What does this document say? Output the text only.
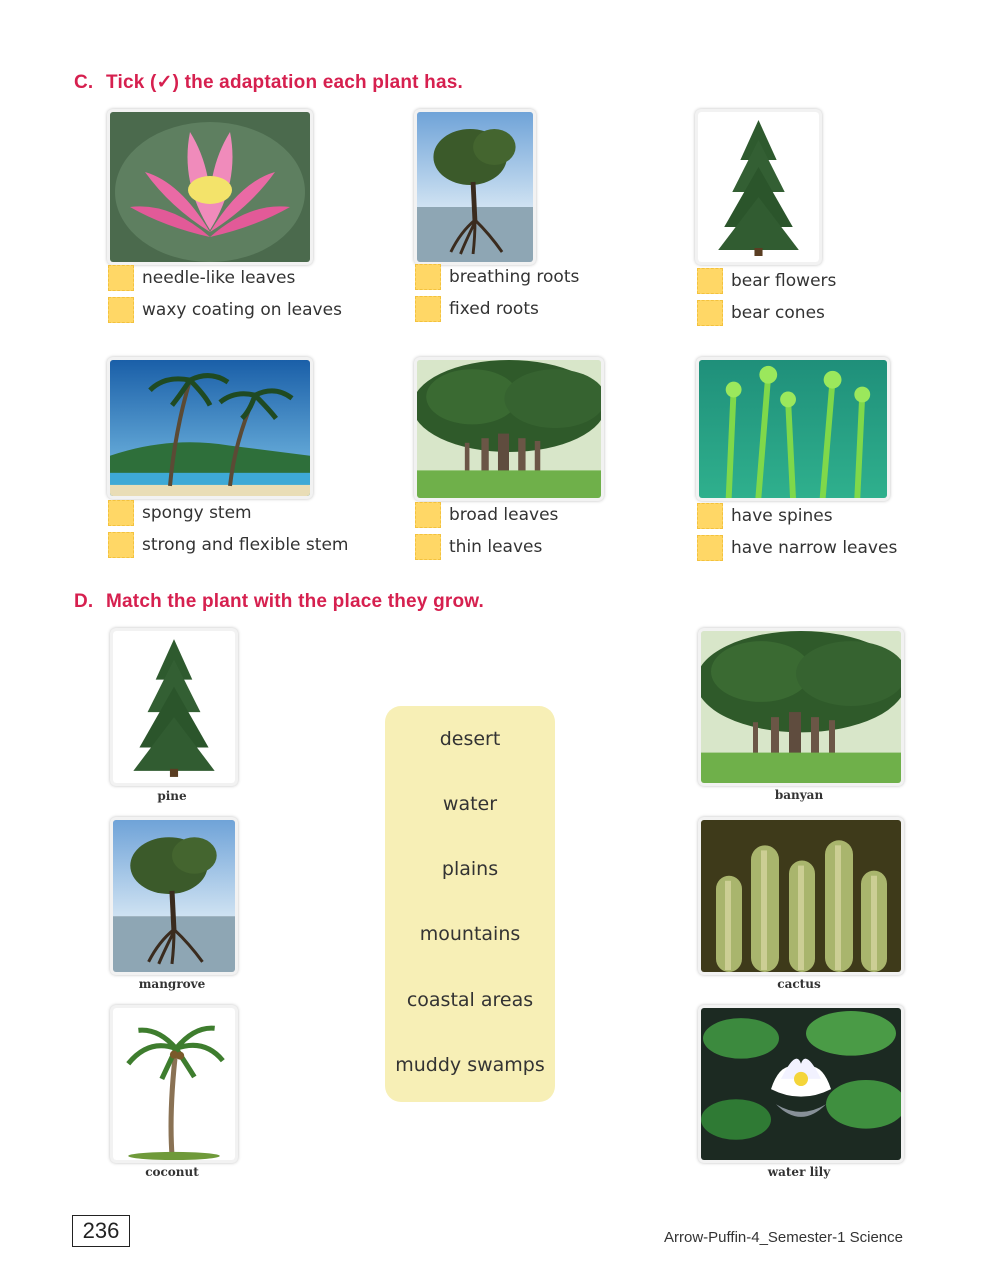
C. Tick (✓) the adaptation each plant has.
needle-like leaves
waxy coating on leaves
breathing roots
fixed roots
bear flowers
bear cones
spongy stem
strong and flexible stem
broad leaves
thin leaves
have spines
have narrow leaves
D. Match the plant with the place they grow.
pine
mangrove
coconut
desert
water
plains
mountains
coastal areas
muddy swamps
banyan
cactus
water lily
236	Arrow-Puffin-4_Semester-1 Science
